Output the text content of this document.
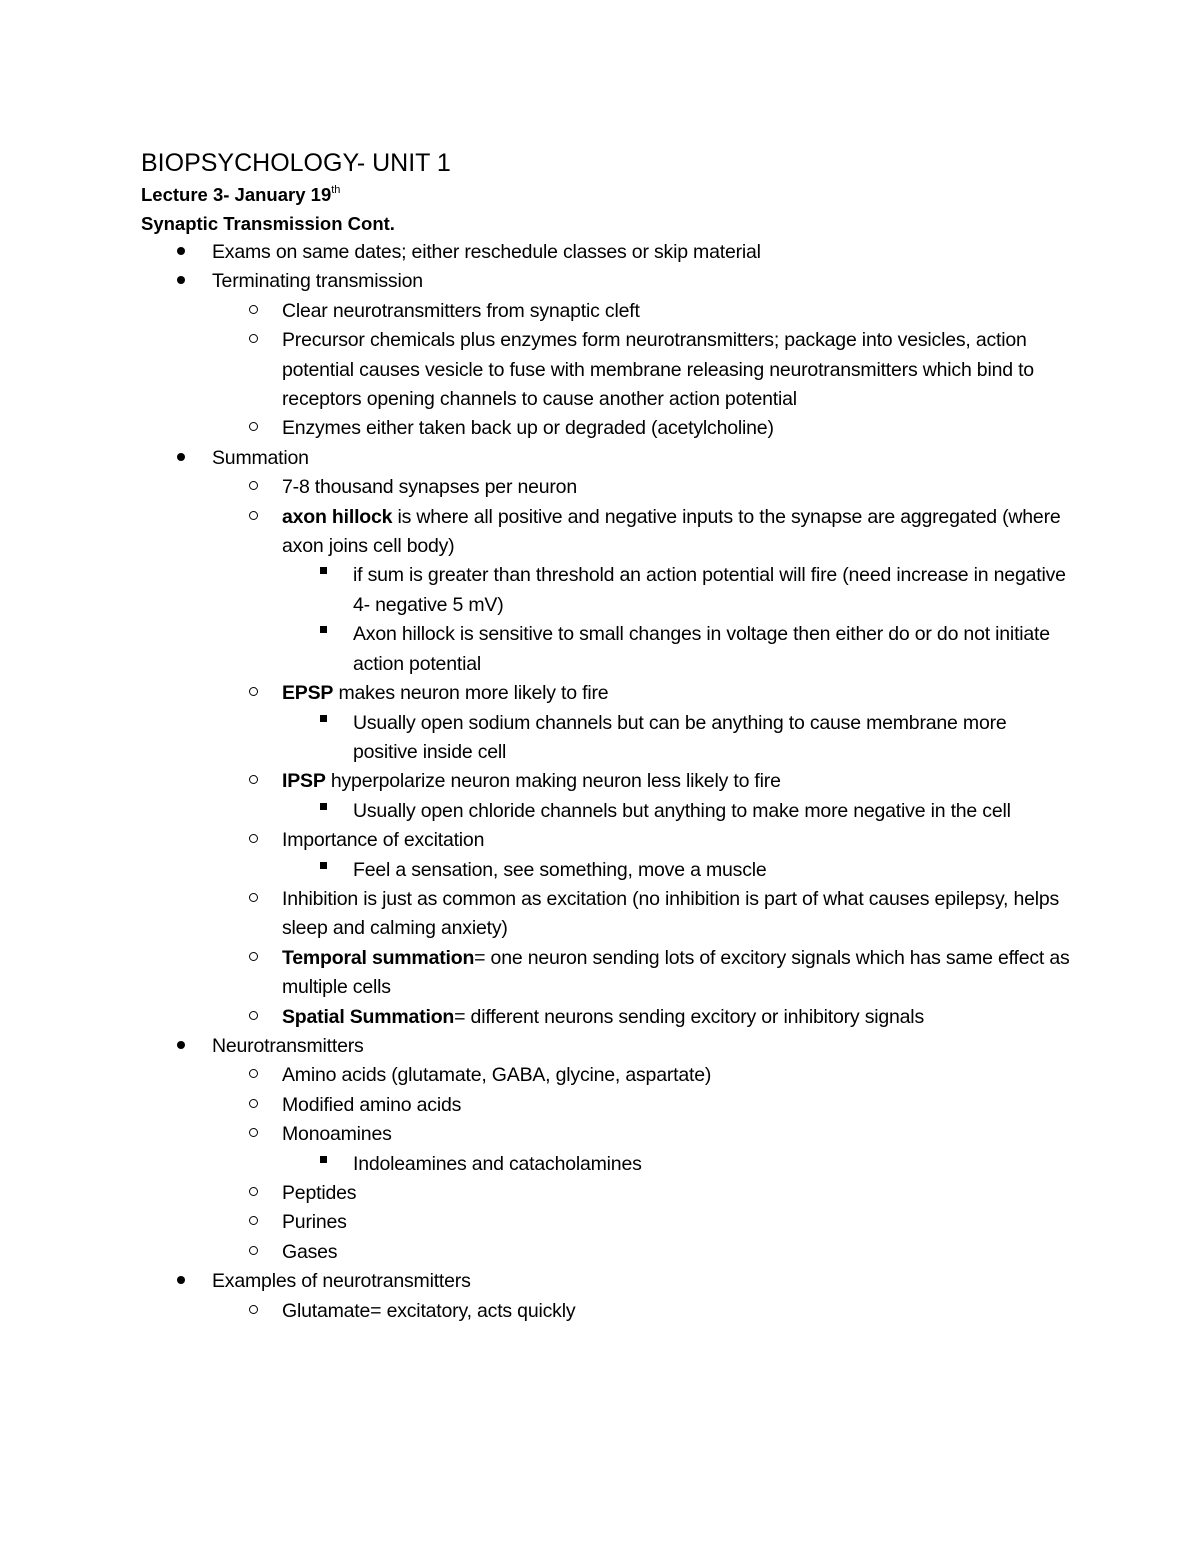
BIOPSYCHOLOGY- UNIT 1
Lecture 3- January 19th
Synaptic Transmission Cont.
Exams on same dates; either reschedule classes or skip material
Terminating transmission
Clear neurotransmitters from synaptic cleft
Precursor chemicals plus enzymes form neurotransmitters; package into vesicles, action potential causes vesicle to fuse with membrane releasing neurotransmitters which bind to receptors opening channels to cause another action potential
Enzymes either taken back up or degraded (acetylcholine)
Summation
7-8 thousand synapses per neuron
axon hillock is where all positive and negative inputs to the synapse are aggregated (where axon joins cell body)
if sum is greater than threshold an action potential will fire (need increase in negative 4- negative 5 mV)
Axon hillock is sensitive to small changes in voltage then either do or do not initiate action potential
EPSP makes neuron more likely to fire
Usually open sodium channels but can be anything to cause membrane more positive inside cell
IPSP hyperpolarize neuron making neuron less likely to fire
Usually open chloride channels but anything to make more negative in the cell
Importance of excitation
Feel a sensation, see something, move a muscle
Inhibition is just as common as excitation (no inhibition is part of what causes epilepsy, helps sleep and calming anxiety)
Temporal summation= one neuron sending lots of excitory signals which has same effect as multiple cells
Spatial Summation= different neurons sending excitory or inhibitory signals
Neurotransmitters
Amino acids (glutamate, GABA, glycine, aspartate)
Modified amino acids
Monoamines
Indoleamines and catacholamines
Peptides
Purines
Gases
Examples of neurotransmitters
Glutamate= excitatory, acts quickly
